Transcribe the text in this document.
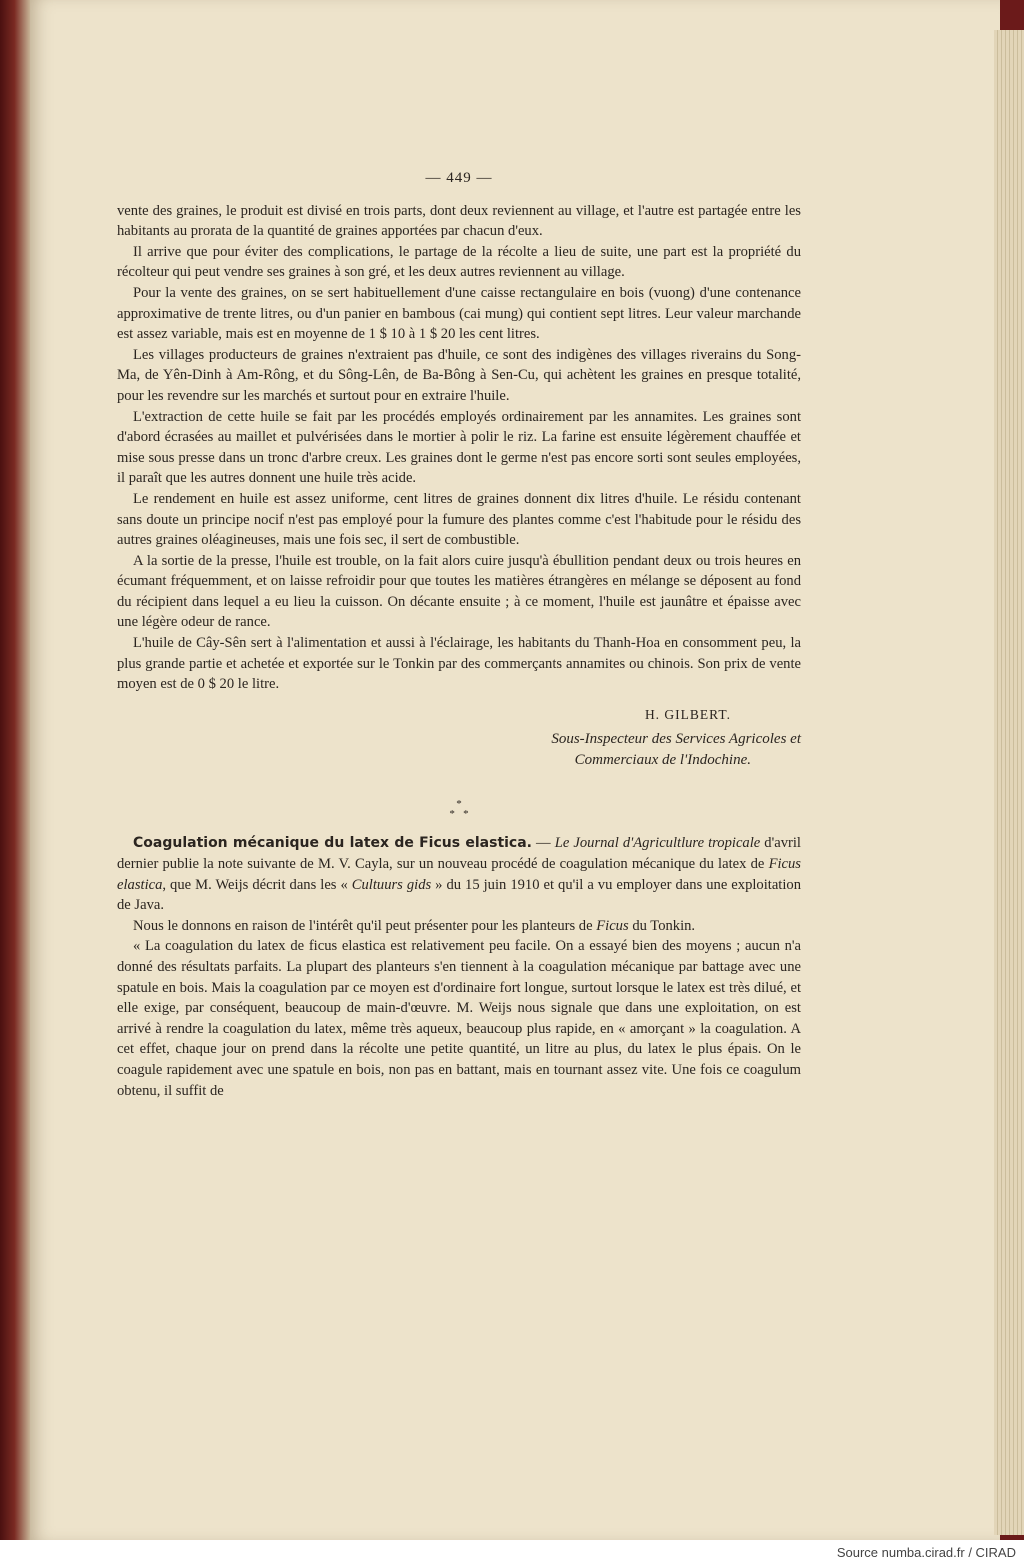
— 449 —

vente des graines, le produit est divisé en trois parts, dont deux reviennent au village, et l'autre est partagée entre les habitants au prorata de la quantité de graines apportées par chacun d'eux.

Il arrive que pour éviter des complications, le partage de la récolte a lieu de suite, une part est la propriété du récolteur qui peut vendre ses graines à son gré, et les deux autres reviennent au village.

Pour la vente des graines, on se sert habituellement d'une caisse rectangulaire en bois (vuong) d'une contenance approximative de trente litres, ou d'un panier en bambous (cai mung) qui contient sept litres. Leur valeur marchande est assez variable, mais est en moyenne de 1 $ 10 à 1 $ 20 les cent litres.

Les villages producteurs de graines n'extraient pas d'huile, ce sont des indigènes des villages riverains du Song-Ma, de Yên-Dinh à Am-Rông, et du Sông-Lên, de Ba-Bông à Sen-Cu, qui achètent les graines en presque totalité, pour les revendre sur les marchés et surtout pour en extraire l'huile.

L'extraction de cette huile se fait par les procédés employés ordinairement par les annamites. Les graines sont d'abord écrasées au maillet et pulvérisées dans le mortier à polir le riz. La farine est ensuite légèrement chauffée et mise sous presse dans un tronc d'arbre creux. Les graines dont le germe n'est pas encore sorti sont seules employées, il paraît que les autres donnent une huile très acide.

Le rendement en huile est assez uniforme, cent litres de graines donnent dix litres d'huile. Le résidu contenant sans doute un principe nocif n'est pas employé pour la fumure des plantes comme c'est l'habitude pour le résidu des autres graines oléagineuses, mais une fois sec, il sert de combustible.

A la sortie de la presse, l'huile est trouble, on la fait alors cuire jusqu'à ébullition pendant deux ou trois heures en écumant fréquemment, et on laisse refroidir pour que toutes les matières étrangères en mélange se déposent au fond du récipient dans lequel a eu lieu la cuisson. On décante ensuite ; à ce moment, l'huile est jaunâtre et épaisse avec une légère odeur de rance.

L'huile de Cây-Sên sert à l'alimentation et aussi à l'éclairage, les habitants du Thanh-Hoa en consomment peu, la plus grande partie et achetée et exportée sur le Tonkin par des commerçants annamites ou chinois. Son prix de vente moyen est de 0 $ 20 le litre.

H. GILBERT.
Sous-Inspecteur des Services Agricoles et
Commerciaux de l'Indochine.
*
*   *

Coagulation mécanique du latex de Ficus elastica. — Le Journal d'Agricultlure tropicale d'avril dernier publie la note suivante de M. V. Cayla, sur un nouveau procédé de coagulation mécanique du latex de Ficus elastica, que M. Weijs décrit dans les « Cultuurs gids » du 15 juin 1910 et qu'il a vu employer dans une exploitation de Java.

Nous le donnons en raison de l'intérêt qu'il peut présenter pour les planteurs de Ficus du Tonkin.

« La coagulation du latex de ficus elastica est relativement peu facile. On a essayé bien des moyens ; aucun n'a donné des résultats parfaits. La plupart des planteurs s'en tiennent à la coagulation mécanique par battage avec une spatule en bois. Mais la coagulation par ce moyen est d'ordinaire fort longue, surtout lorsque le latex est très dilué, et elle exige, par conséquent, beaucoup de main-d'œuvre. M. Weijs nous signale que dans une exploitation, on est arrivé à rendre la coagulation du latex, même très aqueux, beaucoup plus rapide, en « amorçant » la coagulation. A cet effet, chaque jour on prend dans la récolte une petite quantité, un litre au plus, du latex le plus épais. On le coagule rapidement avec une spatule en bois, non pas en battant, mais en tournant assez vite. Une fois ce coagulum obtenu, il suffit de

Source numba.cirad.fr / CIRAD
